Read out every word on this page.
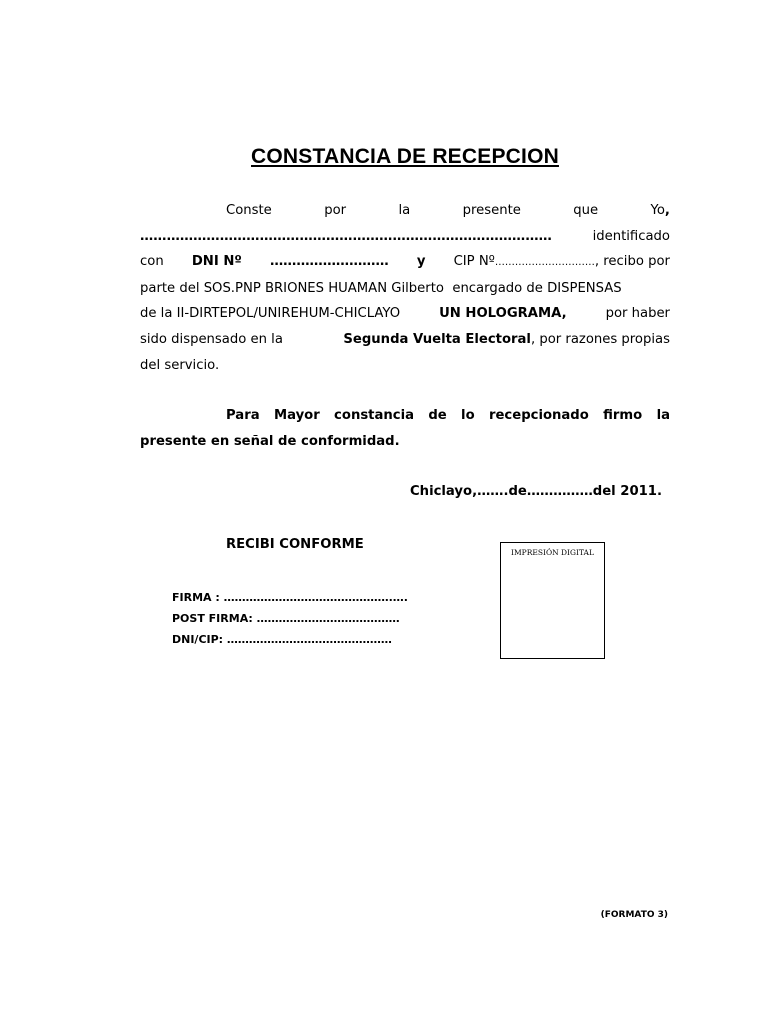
CONSTANCIA DE RECEPCION
Conste	por	la	presente	que	Yo,
…………………………………………………………………………………	identificado
con DNI Nº ……………………… y CIP Nº…………………………, recibo por
parte del SOS.PNP BRIONES HUAMAN Gilberto  encargado de DISPENSAS
de la II-DIRTEPOL/UNIREHUM-CHICLAYO	UN HOLOGRAMA,	por haber
sido dispensado en la	Segunda Vuelta Electoral, por razones propias
del servicio.
Para Mayor constancia de lo recepcionado firmo la presente en señal de conformidad.
Chiclayo,…….de……………del 2011.
RECIBI CONFORME
FIRMA : ……………………………………….….
POST FIRMA: …………………………………
DNI/CIP: ………………………………………
IMPRESIÓN DIGITAL
(FORMATO 3)
